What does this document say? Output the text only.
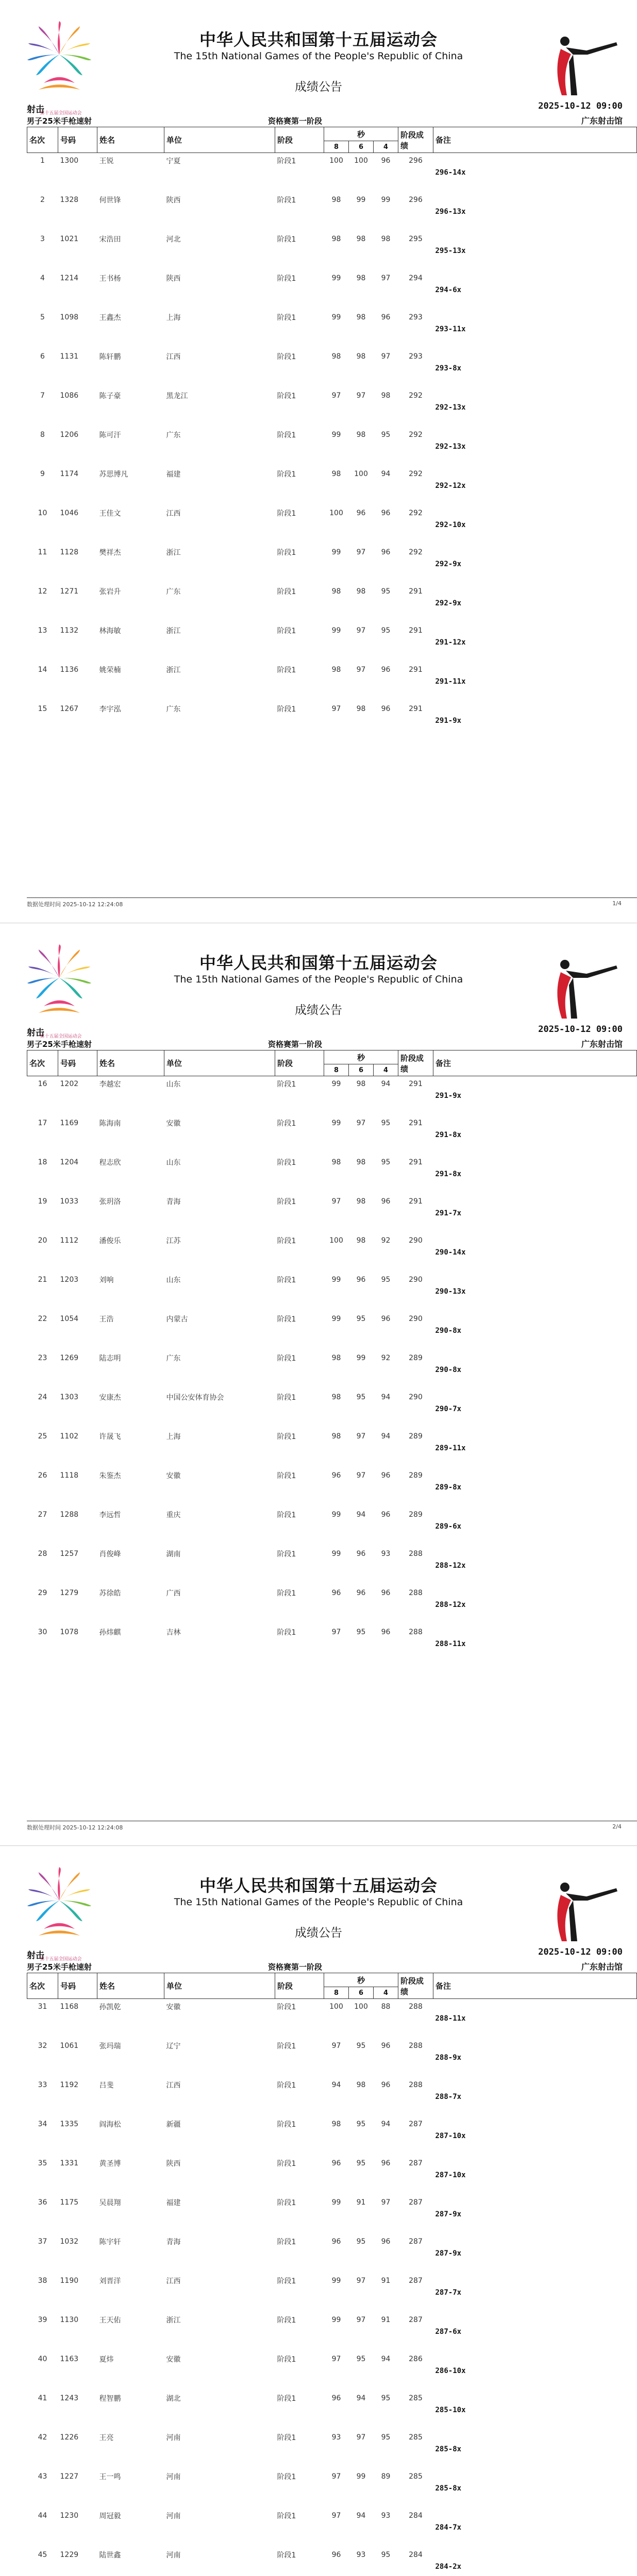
第十五届全国运动会
中华人民共和国第十五届运动会
The 15th National Games of the People's Republic of China
成绩公告
射击	2025-10-12 09:00
男子25米手枪速射	资格赛第一阶段	广东射击馆
名次	号码	姓名	单位	阶段	秒			阶段成绩	备注
					8	6	4		
1	1300	王锐	宁夏	阶段1	100	100	96	296	
									296-14x
2	1328	何世锋	陕西	阶段1	98	99	99	296	
									296-13x
3	1021	宋浩田	河北	阶段1	98	98	98	295	
									295-13x
4	1214	王书杨	陕西	阶段1	99	98	97	294	
									294-6x
5	1098	王鑫杰	上海	阶段1	99	98	96	293	
									293-11x
6	1131	陈轩鹏	江西	阶段1	98	98	97	293	
									293-8x
7	1086	陈子豪	黑龙江	阶段1	97	97	98	292	
									292-13x
8	1206	陈可汗	广东	阶段1	99	98	95	292	
									292-13x
9	1174	苏思博凡	福建	阶段1	98	100	94	292	
									292-12x
10	1046	王佳文	江西	阶段1	100	96	96	292	
									292-10x
11	1128	樊祥杰	浙江	阶段1	99	97	96	292	
									292-9x
12	1271	张岩升	广东	阶段1	98	98	95	291	
									292-9x
13	1132	林海敏	浙江	阶段1	99	97	95	291	
									291-12x
14	1136	姚荣楠	浙江	阶段1	98	97	96	291	
									291-11x
15	1267	李宇泓	广东	阶段1	97	98	96	291	
									291-9x
数据处理时间 2025-10-12 12:24:08	1/4
第十五届全国运动会
中华人民共和国第十五届运动会
The 15th National Games of the People's Republic of China
成绩公告
射击	2025-10-12 09:00
男子25米手枪速射	资格赛第一阶段	广东射击馆
名次	号码	姓名	单位	阶段	秒			阶段成绩	备注
					8	6	4		
16	1202	李越宏	山东	阶段1	99	98	94	291	
									291-9x
17	1169	陈海南	安徽	阶段1	99	97	95	291	
									291-8x
18	1204	程志欣	山东	阶段1	98	98	95	291	
									291-8x
19	1033	张玥洛	青海	阶段1	97	98	96	291	
									291-7x
20	1112	潘俊乐	江苏	阶段1	100	98	92	290	
									290-14x
21	1203	刘响	山东	阶段1	99	96	95	290	
									290-13x
22	1054	王浩	内蒙古	阶段1	99	95	96	290	
									290-8x
23	1269	陆志明	广东	阶段1	98	99	92	289	
									290-8x
24	1303	安康杰	中国公安体育协会	阶段1	98	95	94	290	
									290-7x
25	1102	许晟飞	上海	阶段1	98	97	94	289	
									289-11x
26	1118	朱鉴杰	安徽	阶段1	96	97	96	289	
									289-8x
27	1288	李远哲	重庆	阶段1	99	94	96	289	
									289-6x
28	1257	肖俊峰	湖南	阶段1	99	96	93	288	
									288-12x
29	1279	苏徐皓	广西	阶段1	96	96	96	288	
									288-12x
30	1078	孙炜麒	吉林	阶段1	97	95	96	288	
									288-11x
数据处理时间 2025-10-12 12:24:08	2/4
第十五届全国运动会
中华人民共和国第十五届运动会
The 15th National Games of the People's Republic of China
成绩公告
射击	2025-10-12 09:00
男子25米手枪速射	资格赛第一阶段	广东射击馆
名次	号码	姓名	单位	阶段	秒			阶段成绩	备注
					8	6	4		
31	1168	孙凯乾	安徽	阶段1	100	100	88	288	
									288-11x
32	1061	张玛瑞	辽宁	阶段1	97	95	96	288	
									288-9x
33	1192	吕斐	江西	阶段1	94	98	96	288	
									288-7x
34	1335	阎海松	新疆	阶段1	98	95	94	287	
									287-10x
35	1331	黄圣博	陕西	阶段1	96	95	96	287	
									287-10x
36	1175	吴晨翔	福建	阶段1	99	91	97	287	
									287-9x
37	1032	陈宇轩	青海	阶段1	96	95	96	287	
									287-9x
38	1190	刘晋洋	江西	阶段1	99	97	91	287	
									287-7x
39	1130	王天佑	浙江	阶段1	99	97	91	287	
									287-6x
40	1163	夏炜	安徽	阶段1	97	95	94	286	
									286-10x
41	1243	程智鹏	湖北	阶段1	96	94	95	285	
									285-10x
42	1226	王亮	河南	阶段1	93	97	95	285	
									285-8x
43	1227	王一鸣	河南	阶段1	97	99	89	285	
									285-8x
44	1230	周冠毅	河南	阶段1	97	94	93	284	
									284-7x
45	1229	陆世鑫	河南	阶段1	96	93	95	284	
									284-2x
